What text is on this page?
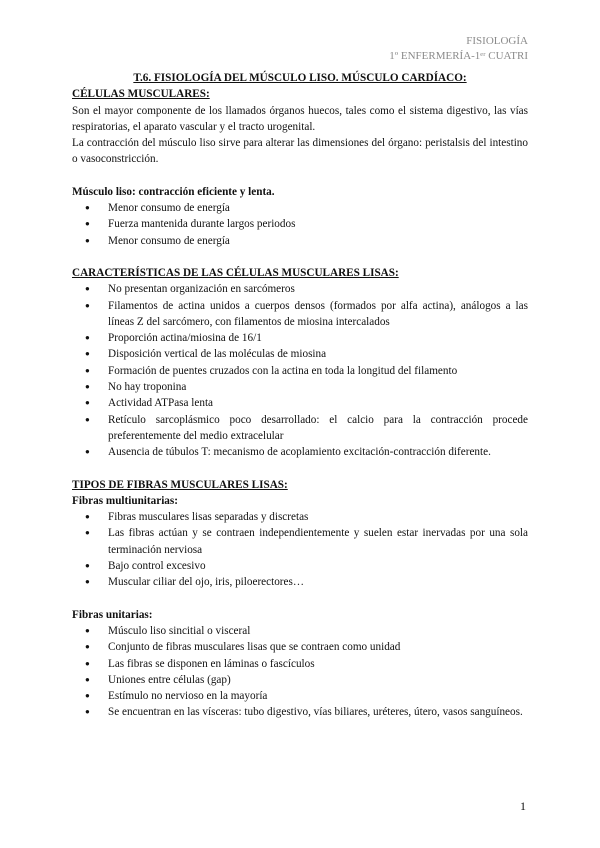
FISIOLOGÍA
1º ENFERMERÍA-1ᵉʳ CUATRI
T.6. FISIOLOGÍA DEL MÚSCULO LISO. MÚSCULO CARDÍACO:
CÉLULAS MUSCULARES:

Son el mayor componente de los llamados órganos huecos, tales como el sistema digestivo, las vías respiratorias, el aparato vascular y el tracto urogenital.

La contracción del músculo liso sirve para alterar las dimensiones del órgano: peristalsis del intestino o vasoconstricción.

Músculo liso: contracción eficiente y lenta.
● Menor consumo de energía
● Fuerza mantenida durante largos periodos
● Menor consumo de energía
CARACTERÍSTICAS DE LAS CÉLULAS MUSCULARES LISAS:
● No presentan organización en sarcómeros
● Filamentos de actina unidos a cuerpos densos (formados por alfa actina), análogos a las líneas Z del sarcómero, con filamentos de miosina intercalados
● Proporción actina/miosina de 16/1
● Disposición vertical de las moléculas de miosina
● Formación de puentes cruzados con la actina en toda la longitud del filamento
● No hay troponina
● Actividad ATPasa lenta
● Retículo sarcoplásmico poco desarrollado: el calcio para la contracción procede preferentemente del medio extracelular
● Ausencia de túbulos T: mecanismo de acoplamiento excitación-contracción diferente.
TIPOS DE FIBRAS MUSCULARES LISAS:
Fibras multiunitarias:
● Fibras musculares lisas separadas y discretas
● Las fibras actúan y se contraen independientemente y suelen estar inervadas por una sola terminación nerviosa
● Bajo control excesivo
● Muscular ciliar del ojo, iris, piloerectores…
Fibras unitarias:
● Músculo liso sincitial o visceral
● Conjunto de fibras musculares lisas que se contraen como unidad
● Las fibras se disponen en láminas o fascículos
● Uniones entre células (gap)
● Estímulo no nervioso en la mayoría
● Se encuentran en las vísceras: tubo digestivo, vías biliares, uréteres, útero, vasos sanguíneos.
1
